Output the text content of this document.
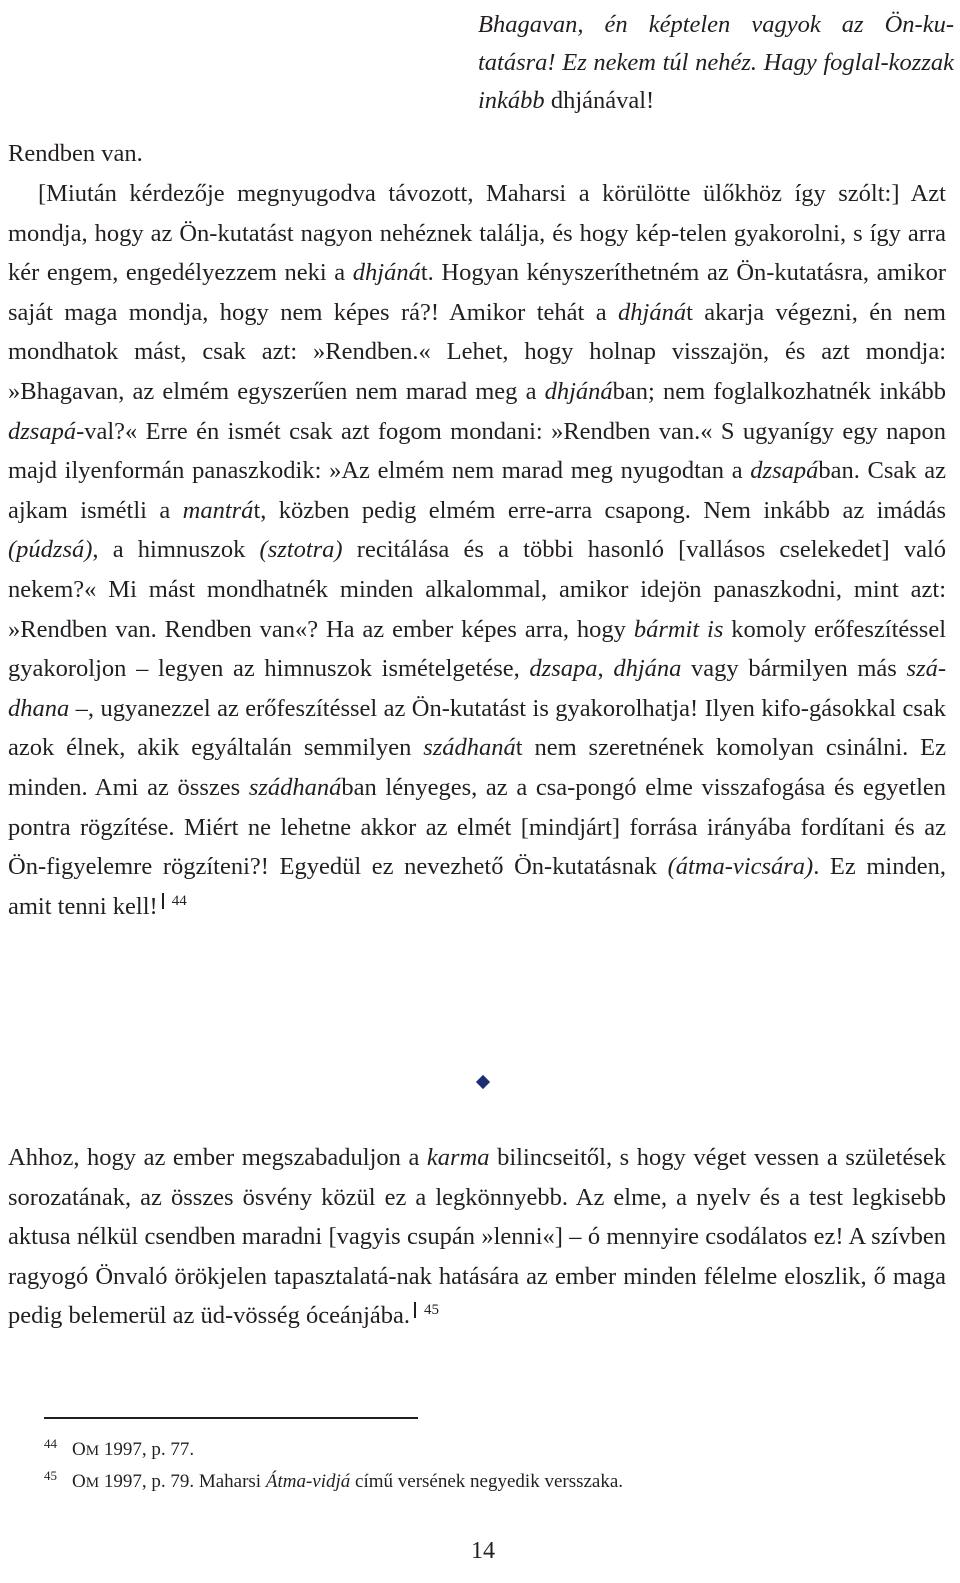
Bhagavan, én képtelen vagyok az Ön-ku-tatásra! Ez nekem túl nehéz. Hagy foglal-kozzak inkább dhjánával!
Rendben van.

[Miután kérdezője megnyugodva távozott, Maharsi a körülötte ülőkhöz így szólt:] Azt mondja, hogy az Ön-kutatást nagyon nehéznek találja, és hogy kép-telen gyakorolni, s így arra kér engem, engedélyezzem neki a dhjánát. Hogyan kényszeríthetném az Ön-kutatásra, amikor saját maga mondja, hogy nem képes rá?! Amikor tehát a dhjánát akarja végezni, én nem mondhatok mást, csak azt: »Rendben.« Lehet, hogy holnap visszajön, és azt mondja: »Bhagavan, az elmém egyszerűen nem marad meg a dhjánában; nem foglalkozhatnék inkább dzsapá-val?« Erre én ismét csak azt fogom mondani: »Rendben van.« S ugyanígy egy napon majd ilyenformán panaszkodik: »Az elmém nem marad meg nyugodtan a dzsapában. Csak az ajkam ismétli a mantrát, közben pedig elmém erre-arra csapong. Nem inkább az imádás (púdzsá), a himnuszok (sztotra) recitálása és a többi hasonló [vallásos cselekedet] való nekem?« Mi mást mondhatnék minden alkalommal, amikor idejön panaszkodni, mint azt: »Rendben van. Rendben van«? Ha az ember képes arra, hogy bármit is komoly erőfeszítéssel gyakoroljon – legyen az himnuszok ismételgetése, dzsapa, dhjána vagy bármilyen más szá-dhana –, ugyanezzel az erőfeszítéssel az Ön-kutatást is gyakorolhatja! Ilyen kifo-gásokkal csak azok élnek, akik egyáltalán semmilyen szádhanát nem szeretnének komolyan csinálni. Ez minden. Ami az összes szádhanában lényeges, az a csa-pongó elme visszafogása és egyetlen pontra rögzítése. Miért ne lehetne akkor az elmét [mindjárt] forrása irányába fordítani és az Ön-figyelemre rögzíteni?! Egyedül ez nevezhető Ön-kutatásnak (átma-vicsára). Ez minden, amit tenni kell! $^{44}$

Ahhoz, hogy az ember megszabaduljon a karma bilincseitől, s hogy véget vessen a születések sorozatának, az összes ösvény közül ez a legkönnyebb. Az elme, a nyelv és a test legkisebb aktusa nélkül csendben maradni [vagyis csupán »lenni«] – ó mennyire csodálatos ez! A szívben ragyogó Önvaló örökjelen tapasztalatá-nak hatására az ember minden félelme eloszlik, ő maga pedig belemerül az üd-vösség óceánjába. $^{45}$

44 OM 1997, p. 77.
45 OM 1997, p. 79. Maharsi Átma-vidjá című versének negyedik versszaka.
14
